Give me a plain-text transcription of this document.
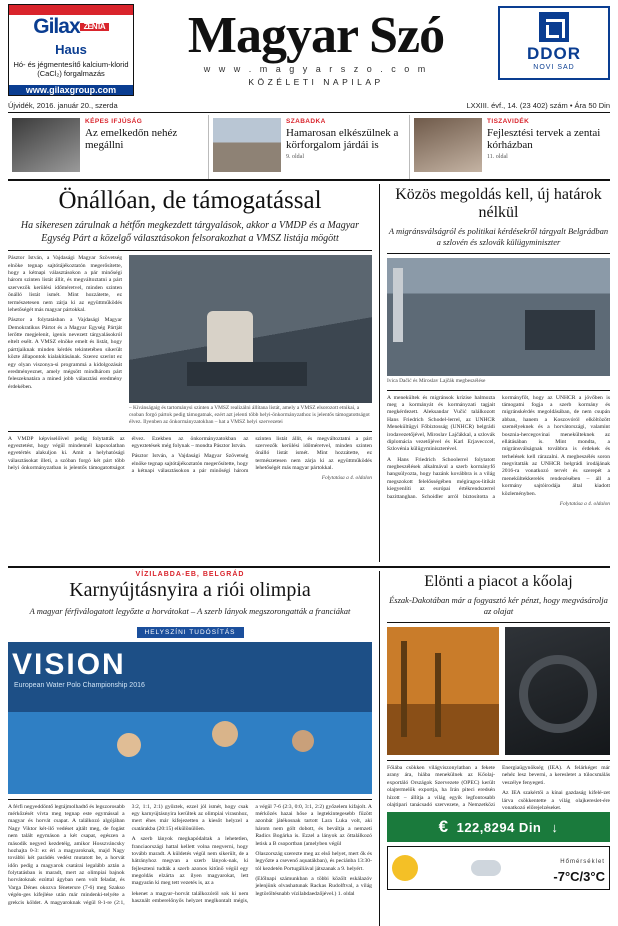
Gilax ZENTA
Haus
Hó- és jégmentesítő kalcium-klorid (CaCl₂) forgalmazás
www.gilaxgroup.com
Magyar Szó
w w w . m a g y a r s z o . c o m
KÖZÉLETI NAPILAP
DDOR
NOVI SAD
Újvidék, 2016. január 20., szerda	LXXIII. évf., 14. (23 402) szám • Ára 50 Din
KÉPES IFJÚSÁG
Az emelkedőn nehéz megállni
SZABADKA
Hamarosan elkészülnek a körforgalom járdái is
9. oldal
TISZAVIDÉK
Fejlesztési tervek a zentai kórházban
11. oldal
Önállóan, de támogatással
Ha sikeresen zárulnak a hétfőn megkezdett tárgyalások, akkor a VMDP és a Magyar Egység Párt a közelgő választásokon felsorakozhat a VMSZ listája mögött

Pásztor István, a Vajdasági Magyar Szövetség elnöke tegnap sajtótájékoztatón megerősítette, hogy a kétnapi választásokon a pár minőségi három szinten listát állít, és megváltoztatni a párt szervezők kerülési időméretvel, minden szinten önálló listát ismét. Mint hozzátette, ez természetesen nem zárja ki az együttműködés lehetőségét más magyar pártokkal.

Pásztor a folytatásban a Vajdasági Magyar Demokratikus Pártot és a Magyar Egység Pártját lerőtte megjelenit, igenis nevezett tárgyalásokról eltelt esélt. A VMSZ elnöke emelt és listát, hogy párttjaiknak minden kérdés tekintetében sikerült közte állapontok kialakításának. Szerez szerint ez egy olyan viszonya-si programmá a kidolgozását eredményeznet, amely mégsött mindhárom párt feleszeknatára a mined jobb választási eredmény érdekében.

– Kívánságaig és tartománysi szinten a VMSZ realizálni állítana listát, amely a VMSZ elsorozott etnikai, a csoban forgó pártok pedig támogatnak, ezért azt jelenti több helyi-önkormányzathoz is jelentős támogatottságot élvez. Ilyenben az önkormányzatokban – hat a VMSZ helyi szervezetei

A VMDP képviselőivel pedig folytatták az egyeztetést, hogy végül mindennél kapcsolatban egyetértés alakuljon ki. Amit a helyhatósági választásokat illeti, a szóban forgó két párt több helyi önkormányzatban is jelentős támogatottságot élvez. Ezekben az önkormányzatokban az egyeztetések még folynak – mondta Pásztor István.

Pásztor István, a Vajdasági Magyar Szövetség elnöke tegnap sajtótájékoztatón megerősítette, hogy a kétnapi választásokon a pár minőségi három szinten listát állít, és megváltoztatni a párt szervezők kerülési időméretvel, minden szinten önálló listát ismét. Mint hozzátette, ez természetesen nem zárja ki az együttműködés lehetőségét más magyar pártokkal.

Folytatása a 4. oldalon
Közös megoldás kell, új határok nélkül
A migránsválságról és politikai kérdésekről tárgyalt Belgrádban a szlovén és szlovák külügyminiszter
Ivica Dačić és Miroslav Lajčák megbeszélése

A menekültek és migránsok krízise halmozta meg a kormányát és kormányzati tagjait megkérdezett. Aleksandar Vučić találkozott Hans Friedrich Schodel-lerrel, az UNHCR Menekültügyi Főbiztosság (UNHCR) belgrádi irodavezetőjével, Miroslav Lajčákkal, a szlovák diplomácia vezetőjével és Karl Erjavecccel, Szlovénia külügyminiszterével.

A Hans Friedrich Schoolerrel folytatott megbeszélések alkalmával a szerb kormányfő hangsúlyozta, hogy hazánk kovábbra is a világ megszokott felelősségében mégiragos-litikát kiegyenlíti az európai értékrendszerrel bazittanghan. Schoidler arról biztosította a kormányfőt, hogy az UNHCR a jövőben is támogatni fogja a szerb kormány és migránskérdés megoldásában, de nem csupán abban, hanem a Koszovóról elköltözött személyeknek és a horvátországi, valamint bosznia-hercegovinai menekülteknek az ellátásában is. Mint mondta, a migránsválságnak továbbra is érdekek és terhelések kell rárazalni. A megbeszélés soron megvitatták az UNHCR belgrádi irodájának 2016-ra vonatkozó tervét és szerepét a menekültekkerelés rendezésében – áll a kormány sajtóirodája által kiadott közleményben.

Folytatása a 4. oldalon
VÍZILABDA-EB, BELGRÁD
Karnyújtásnyira a riói olimpia
A magyar férfiválogatott legyőzte a horvátokat – A szerb lányok megszorongatták a franciákat
HELYSZÍNI TUDÓSÍTÁS
VISION
European Water Polo Championship 2016

A férfi negyeddöntő legtájmolhadtő és legszorosabb mérkőzését vívta meg tegnap este egymással a magyar és horvát csapat. A találkozó algójában Nagy Viktor két-ilő vedéset ajtált meg, de fogást nem talált egymáson a két csapat, egészen a második negyed kezdetéig, amikor Hosszváncsky hozhajta 0-3: ez éri a magyaroknak, majd Nagy további két parádés vedést mutatott be, a horvát időn pedig a magyarok csatárai legalább aztán a folytatásban is maradt, mert az olimpiai bajnok horvátoknak ezúttal ágyban nem volt feladat, és Varga Dénes okozva fénetersre (7-6) meg Szakso végén-ges kifejlése után már mindenki-telyéte a grekcis köldet. A magyaroknak végül 8-1-re (2:1, 3:2, 1:1, 2:1) győztek, ezzel jól ismét, hogy csak egy karnyújtásnyira kerültek az olimpiai virasnhoz, mert éhes már kifejezetten a kiesőt helyzel a csatárakba (20:15) elkülönülően.

A szerb lányok megkapódaltak a lehetetlen, franciaországi hattal kellett volna megverni, hogy tovább maradt. A küldetés végül nem sikerült, de a hátrányhoz megvan a szerb lányok-nak, ki fejleszteni tudták a szerb azonos kitűnő végül egy megoldás elzárta az ilyen magyarokat, lett magyarán ki meg tett vezetés is, az a

lekenet a magyar–horvát találkozóról sok ki nem használt emberelőnyős helyzet meglkontalt mégis, a végül 7-6 (2:3, 0:0, 3:1, 2:2) győzelem kifajolt. A mérkőzés hazai hőse a legtekintegesebb fűzött azonbát játékosnak tartott Lara Luka volt, aki három nem gólt dobott, és beváltja a nemzeti Radics Bogárka is. Ezzel a lányok az öttalálkozó letisk a B csoportban (amelyben végül

Olaszország szerezte meg az első helyet, mert ők és legyőzte a csevenő aquatákban), és peciánba 13:30-tól kezdetén Portugáliával játszanak a 9. helyért.

(Előlnapi számunkban a többi közölt eskálazóv jelenjünk olvashatunak Rackas Rudolftval, a világ legtöröltésnabb vízilabdaedzőjével.) 1. oldal

Elönti a piacot a kőolaj
Észak-Dakotában már a fogyasztó kér pénzt, hogy megvásárolja az olajat

Főiába csökken világviszonylatban a fekete arany ára, hiába menekülnek az Kőolaj-exportáló Országok Szervezete (OPEC) került olajtermelők exportja, ha Irán piteci eredsén hízott – állítja a világ egyik legfontosabb olajtipari tanácsadó szervezete, a Nemzetközi Energiaügynökség (IEA). A felárkéget már nehéz lesz beverni, a keresletet a túlocsmálás veszélye fenyegeti.

Az IEA szakértői a kínai gazdaság kifelé-zet lárva csökkentette a világ olajkereslet-ére vonatkozó előrejelzéseket.

€ 122,8294 Din ↓
Hőmérséklet
-7°C/3°C
